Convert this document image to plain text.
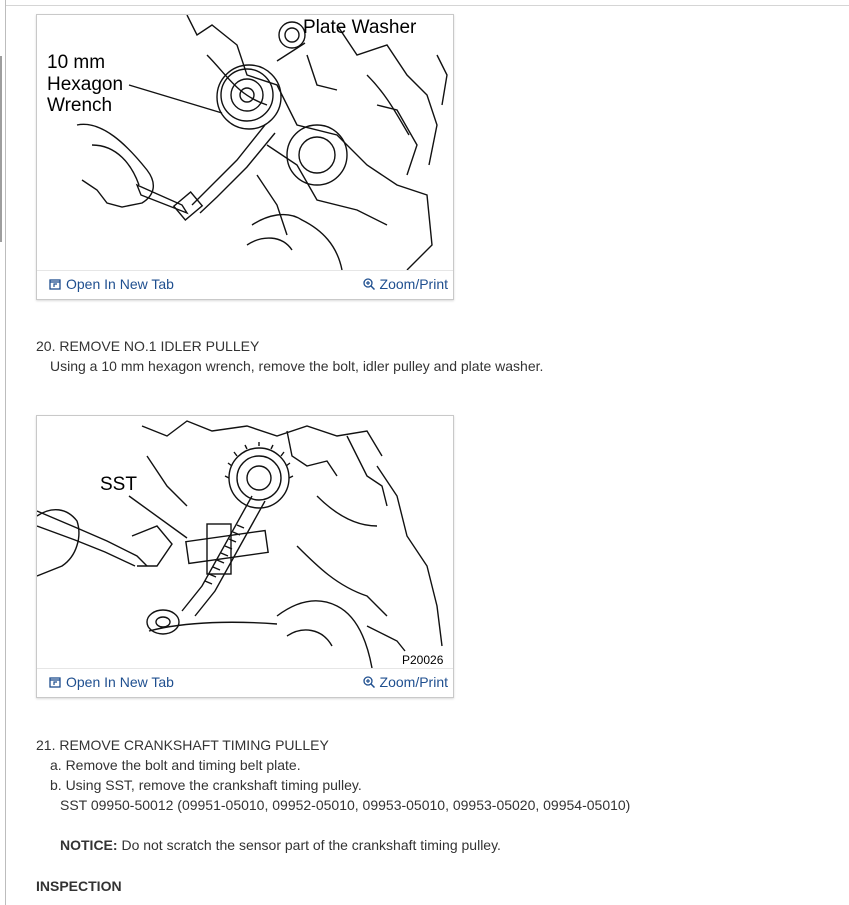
10 mm
Hexagon
Wrench
Plate Washer
Open In New Tab	Zoom/Print
20. REMOVE NO.1 IDLER PULLEY
Using a 10 mm hexagon wrench, remove the bolt, idler pulley and plate washer.
SST
P20026
Open In New Tab	Zoom/Print
21. REMOVE CRANKSHAFT TIMING PULLEY
a. Remove the bolt and timing belt plate.
b. Using SST, remove the crankshaft timing pulley.
SST 09950-50012 (09951-05010, 09952-05010, 09953-05010, 09953-05020, 09954-05010)
NOTICE: Do not scratch the sensor part of the crankshaft timing pulley.
INSPECTION
